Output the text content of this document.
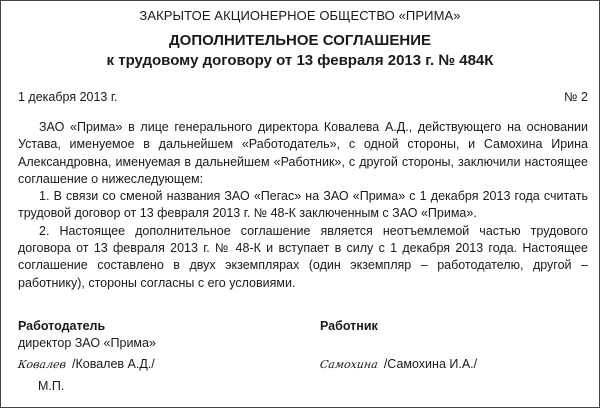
ЗАКРЫТОЕ АКЦИОНЕРНОЕ ОБЩЕСТВО «ПРИМА»
ДОПОЛНИТЕЛЬНОЕ СОГЛАШЕНИЕ
к трудовому договору от 13 февраля 2013 г. № 484К
1 декабря 2013 г.	№ 2

ЗАО «Прима» в лице генерального директора Ковалева А.Д., действующего на основании Устава, именуемое в дальнейшем «Работодатель», с одной стороны, и Самохина Ирина Александровна, именуемая в дальнейшем «Работник», с другой стороны, заключили настоящее соглашение о нижеследующем:

1. В связи со сменой названия ЗАО «Пегас» на ЗАО «Прима» с 1 декабря 2013 года считать трудовой договор от 13 февраля 2013 г. № 48-К заключенным с ЗАО «Прима».

2. Настоящее дополнительное соглашение является неотъемлемой частью трудового договора от 13 февраля 2013 г. № 48-К и вступает в силу с 1 декабря 2013 года. Настоящее соглашение составлено в двух экземплярах (один экземпляр – работодателю, другой – работнику), стороны согласны с его условиями.

Работодатель
директор ЗАО «Прима»
Ковалев /Ковалев А.Д./
Работник
Самохина /Самохина И.А./
М.П.
